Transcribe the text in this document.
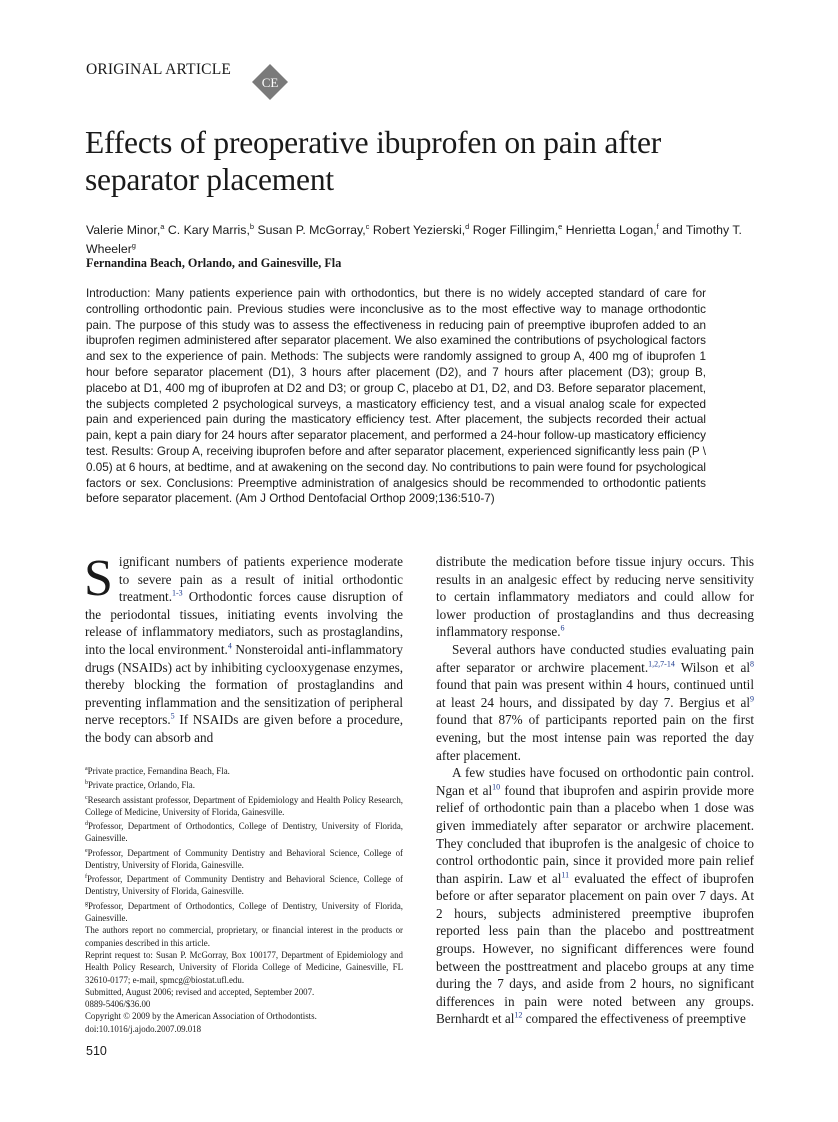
ORIGINAL ARTICLE
CE
Effects of preoperative ibuprofen on pain after separator placement
Valerie Minor,$^a$ C. Kary Marris,$^b$ Susan P. McGorray,$^c$ Robert Yezierski,$^d$ Roger Fillingim,$^e$ Henrietta Logan,$^f$ and Timothy T. Wheeler$^g$
Fernandina Beach, Orlando, and Gainesville, Fla
Introduction: Many patients experience pain with orthodontics, but there is no widely accepted standard of care for controlling orthodontic pain. Previous studies were inconclusive as to the most effective way to manage orthodontic pain. The purpose of this study was to assess the effectiveness in reducing pain of preemptive ibuprofen added to an ibuprofen regimen administered after separator placement. We also examined the contributions of psychological factors and sex to the experience of pain. Methods: The subjects were randomly assigned to group A, 400 mg of ibuprofen 1 hour before separator placement (D1), 3 hours after placement (D2), and 7 hours after placement (D3); group B, placebo at D1, 400 mg of ibuprofen at D2 and D3; or group C, placebo at D1, D2, and D3. Before separator placement, the subjects completed 2 psychological surveys, a masticatory efficiency test, and a visual analog scale for expected pain and experienced pain during the masticatory efficiency test. After placement, the subjects recorded their actual pain, kept a pain diary for 24 hours after separator placement, and performed a 24-hour follow-up masticatory efficiency test. Results: Group A, receiving ibuprofen before and after separator placement, experienced significantly less pain (P \ 0.05) at 6 hours, at bedtime, and at awakening on the second day. No contributions to pain were found for psychological factors or sex. Conclusions: Preemptive administration of analgesics should be recommended to orthodontic patients before separator placement. (Am J Orthod Dentofacial Orthop 2009;136:510-7)

Significant numbers of patients experience moderate to severe pain as a result of initial orthodontic treatment.$^{1-3}$ Orthodontic forces cause disruption of the periodontal tissues, initiating events involving the release of inflammatory mediators, such as prostaglandins, into the local environment.$^4$ Nonsteroidal anti-inflammatory drugs (NSAIDs) act by inhibiting cyclooxygenase enzymes, thereby blocking the formation of prostaglandins and preventing inflammation and the sensitization of peripheral nerve receptors.$^5$ If NSAIDs are given before a procedure, the body can absorb and

distribute the medication before tissue injury occurs. This results in an analgesic effect by reducing nerve sensitivity to certain inflammatory mediators and could allow for lower production of prostaglandins and thus decreasing inflammatory response.$^6$

Several authors have conducted studies evaluating pain after separator or archwire placement.$^{1,2,7-14}$ Wilson et $al^8$ found that pain was present within 4 hours, continued until at least 24 hours, and dissipated by day 7. Bergius et $al^9$ found that 87% of participants reported pain on the first evening, but the most intense pain was reported the day after placement.

A few studies have focused on orthodontic pain control. Ngan et $al^{10}$ found that ibuprofen and aspirin provide more relief of orthodontic pain than a placebo when 1 dose was given immediately after separator or archwire placement. They concluded that ibuprofen is the analgesic of choice to control orthodontic pain, since it provided more pain relief than aspirin. Law et $al^{11}$ evaluated the effect of ibuprofen before or after separator placement on pain over 7 days. At 2 hours, subjects administered preemptive ibuprofen reported less pain than the placebo and posttreatment groups. However, no significant differences were found between the posttreatment and placebo groups at any time during the 7 days, and aside from 2 hours, no significant differences in pain were noted between any groups. Bernhardt et $al^{12}$ compared the effectiveness of preemptive

$^a$Private practice, Fernandina Beach, Fla.

$^b$Private practice, Orlando, Fla.

$^c$Research assistant professor, Department of Epidemiology and Health Policy Research, College of Medicine, University of Florida, Gainesville.

$^d$Professor, Department of Orthodontics, College of Dentistry, University of Florida, Gainesville.

$^e$Professor, Department of Community Dentistry and Behavioral Science, College of Dentistry, University of Florida, Gainesville.

$^f$Professor, Department of Community Dentistry and Behavioral Science, College of Dentistry, University of Florida, Gainesville.

$^g$Professor, Department of Orthodontics, College of Dentistry, University of Florida, Gainesville.

The authors report no commercial, proprietary, or financial interest in the products or companies described in this article.

Reprint request to: Susan P. McGorray, Box 100177, Department of Epidemiology and Health Policy Research, University of Florida College of Medicine, Gainesville, FL 32610-0177; e-mail, spmcg@biostat.ufl.edu.

Submitted, August 2006; revised and accepted, September 2007.

0889-5406/$36.00

Copyright © 2009 by the American Association of Orthodontists.

doi:10.1016/j.ajodo.2007.09.018

510
